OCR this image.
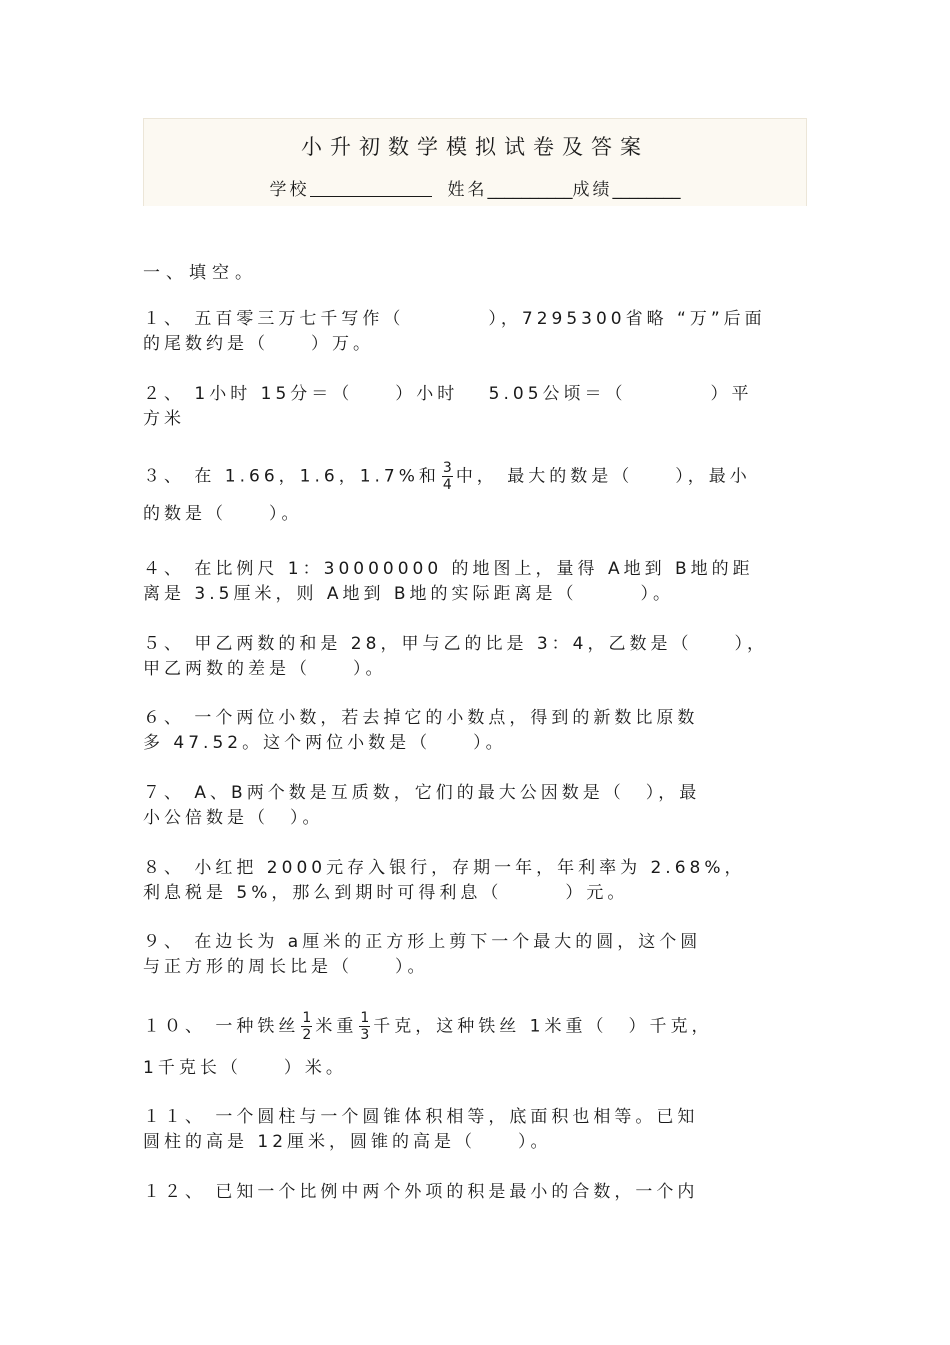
小升初数学模拟试卷及答案
学校	姓名__________成绩________
一、填空。
１、 五百零三万七千写作（　　　　），7295300省略 “万”后面
的尾数约是（　　）万。
２、 1小时 15分＝（　　）小时　 5.05公顷＝（　　　　）平
方米
３、 在 1.66，1.6，1.7%和 $\frac{3}{4}$ 中， 最大的数是（　　），最小
的数是（　　）。
４、 在比例尺 1：30000000 的地图上，量得 A地到 B地的距
离是 3.5厘米，则 A地到 B地的实际距离是（　　　）。
５、 甲乙两数的和是 28，甲与乙的比是 3：4，乙数是（　　），
甲乙两数的差是（　　）。
６、 一个两位小数，若去掉它的小数点，得到的新数比原数
多 47.52。这个两位小数是（　　）。
７、 A、B两个数是互质数，它们的最大公因数是（　），最
小公倍数是（　）。
８、 小红把 2000元存入银行，存期一年，年利率为 2.68%，
利息税是 5%，那么到期时可得利息（　　　）元。
９、 在边长为 a厘米的正方形上剪下一个最大的圆，这个圆
与正方形的周长比是（　　）。
１０、 一种铁丝 $\frac{1}{2}$ 米重 $\frac{1}{3}$ 千克，这种铁丝 1米重（　）千克，
1千克长（　　）米。
１１、 一个圆柱与一个圆锥体积相等，底面积也相等。已知
圆柱的高是 12厘米，圆锥的高是（　　）。
１２、 已知一个比例中两个外项的积是最小的合数，一个内
